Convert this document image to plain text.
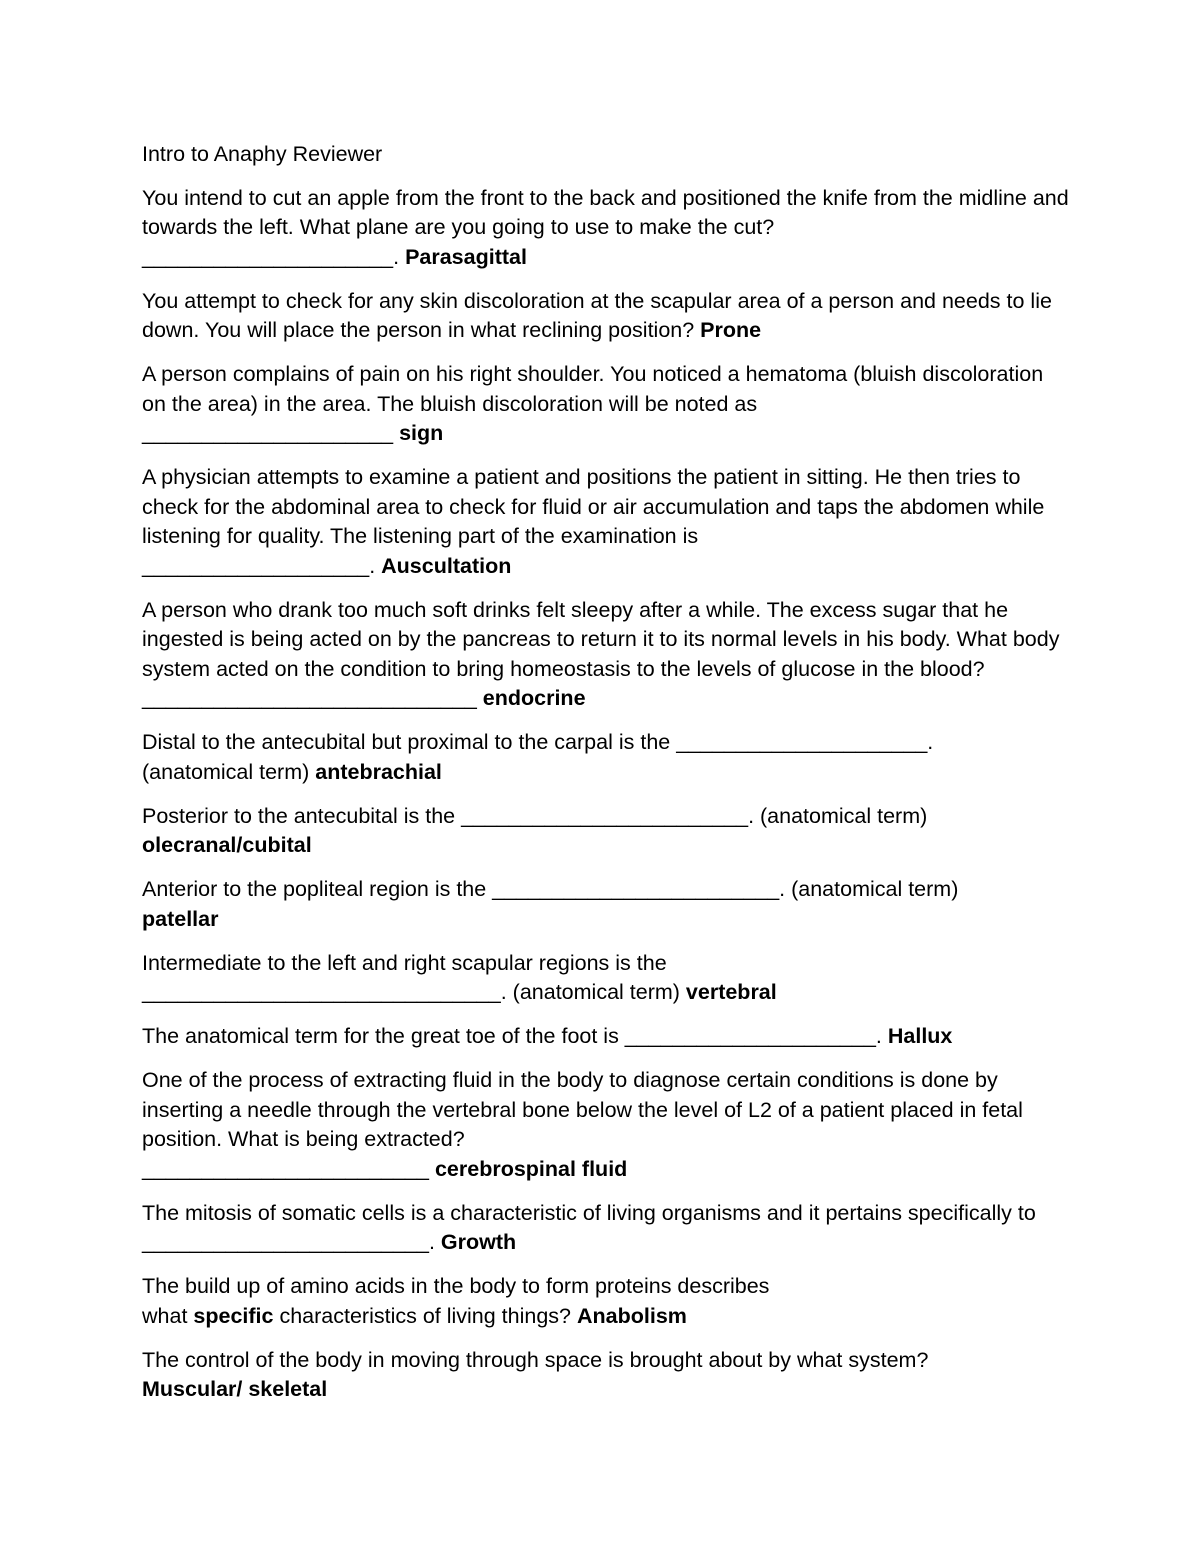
Intro to Anaphy Reviewer

You intend to cut an apple from the front to the back and positioned the knife from the midline and towards the left. What plane are you going to use to make the cut?
_____________________. Parasagittal

You attempt to check for any skin discoloration at the scapular area of a person and needs to lie down. You will place the person in what reclining position? Prone

A person complains of pain on his right shoulder. You noticed a hematoma (bluish discoloration on the area) in the area. The bluish discoloration will be noted as
_____________________ sign

A physician attempts to examine a patient and positions the patient in sitting. He then tries to check for the abdominal area to check for fluid or air accumulation and taps the abdomen while listening for quality. The listening part of the examination is
___________________. Auscultation

A person who drank too much soft drinks felt sleepy after a while. The excess sugar that he ingested is being acted on by the pancreas to return it to its normal levels in his body. What body system acted on the condition to bring homeostasis to the levels of glucose in the blood? ____________________________ endocrine

Distal to the antecubital but proximal to the carpal is the _____________________.
(anatomical term) antebrachial

Posterior to the antecubital is the ________________________. (anatomical term)
olecranal/cubital

Anterior to the popliteal region is the ________________________. (anatomical term)
patellar

Intermediate to the left and right scapular regions is the
______________________________. (anatomical term) vertebral

The anatomical term for the great toe of the foot is _____________________. Hallux

One of the process of extracting fluid in the body to diagnose certain conditions is done by inserting a needle through the vertebral bone below the level of L2 of a patient placed in fetal position. What is being extracted?
________________________ cerebrospinal fluid

The mitosis of somatic cells is a characteristic of living organisms and it pertains specifically to ________________________. Growth

The build up of amino acids in the body to form proteins describes
what specific characteristics of living things? Anabolism

The control of the body in moving through space is brought about by what system?
Muscular/ skeletal
